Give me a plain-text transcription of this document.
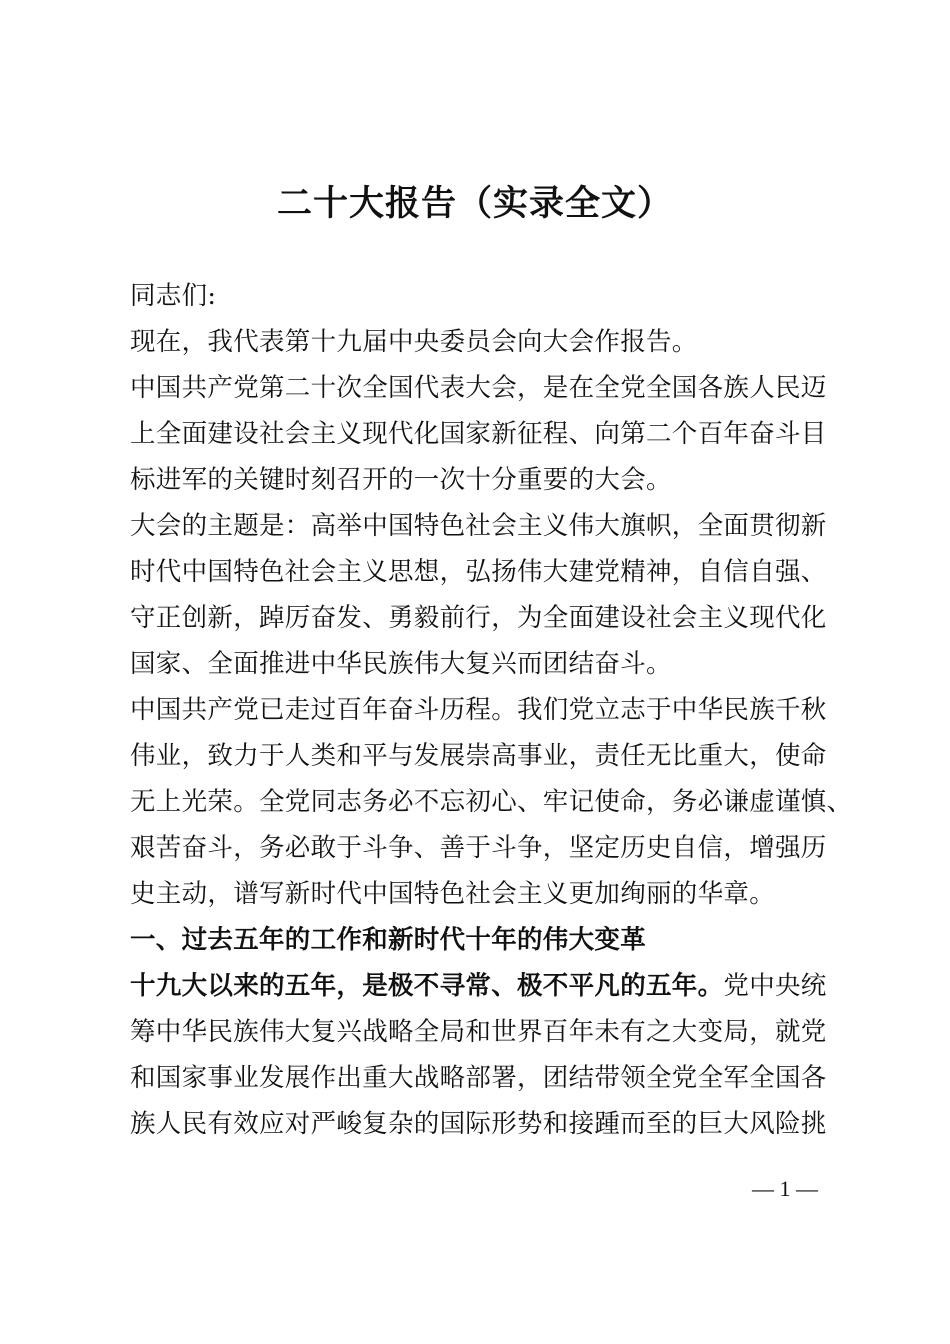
二十大报告（实录全文）
同志们:
现在，我代表第十九届中央委员会向大会作报告。
中国共产党第二十次全国代表大会，是在全党全国各族人民迈
上全面建设社会主义现代化国家新征程、向第二个百年奋斗目
标进军的关键时刻召开的一次十分重要的大会。
大会的主题是：高举中国特色社会主义伟大旗帜，全面贯彻新
时代中国特色社会主义思想，弘扬伟大建党精神，自信自强、
守正创新，踔厉奋发、勇毅前行，为全面建设社会主义现代化
国家、全面推进中华民族伟大复兴而团结奋斗。
中国共产党已走过百年奋斗历程。我们党立志于中华民族千秋
伟业，致力于人类和平与发展崇高事业，责任无比重大，使命
无上光荣。全党同志务必不忘初心、牢记使命，务必谦虚谨慎、
艰苦奋斗，务必敢于斗争、善于斗争，坚定历史自信，增强历
史主动，谱写新时代中国特色社会主义更加绚丽的华章。
一、过去五年的工作和新时代十年的伟大变革
十九大以来的五年，是极不寻常、极不平凡的五年。党中央统
筹中华民族伟大复兴战略全局和世界百年未有之大变局，就党
和国家事业发展作出重大战略部署，团结带领全党全军全国各
族人民有效应对严峻复杂的国际形势和接踵而至的巨大风险挑
— 1 —
